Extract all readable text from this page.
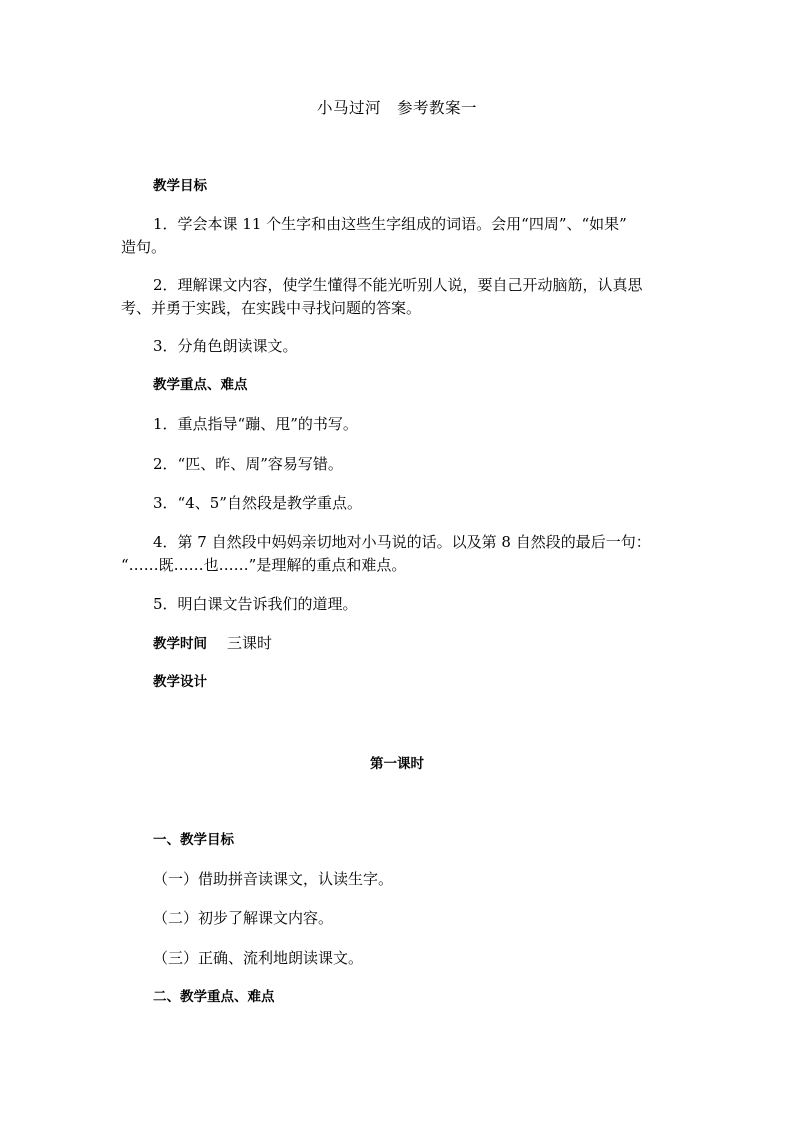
小马过河 参考教案一
教学目标
1．学会本课 11 个生字和由这些生字组成的词语。会用“四周”、“如果”
造句。
2．理解课文内容，使学生懂得不能光听别人说，要自己开动脑筋，认真思
考、并勇于实践，在实践中寻找问题的答案。
3．分角色朗读课文。
教学重点、难点
1．重点指导“蹦、甩”的书写。
2．“匹、昨、周”容易写错。
3．“4、5”自然段是教学重点。
4．第 7 自然段中妈妈亲切地对小马说的话。以及第 8 自然段的最后一句：
“……既……也……”是理解的重点和难点。
5．明白课文告诉我们的道理。
教学时间 三课时
教学设计
第一课时
一、教学目标
（一）借助拼音读课文，认读生字。
（二）初步了解课文内容。
（三）正确、流利地朗读课文。
二、教学重点、难点
